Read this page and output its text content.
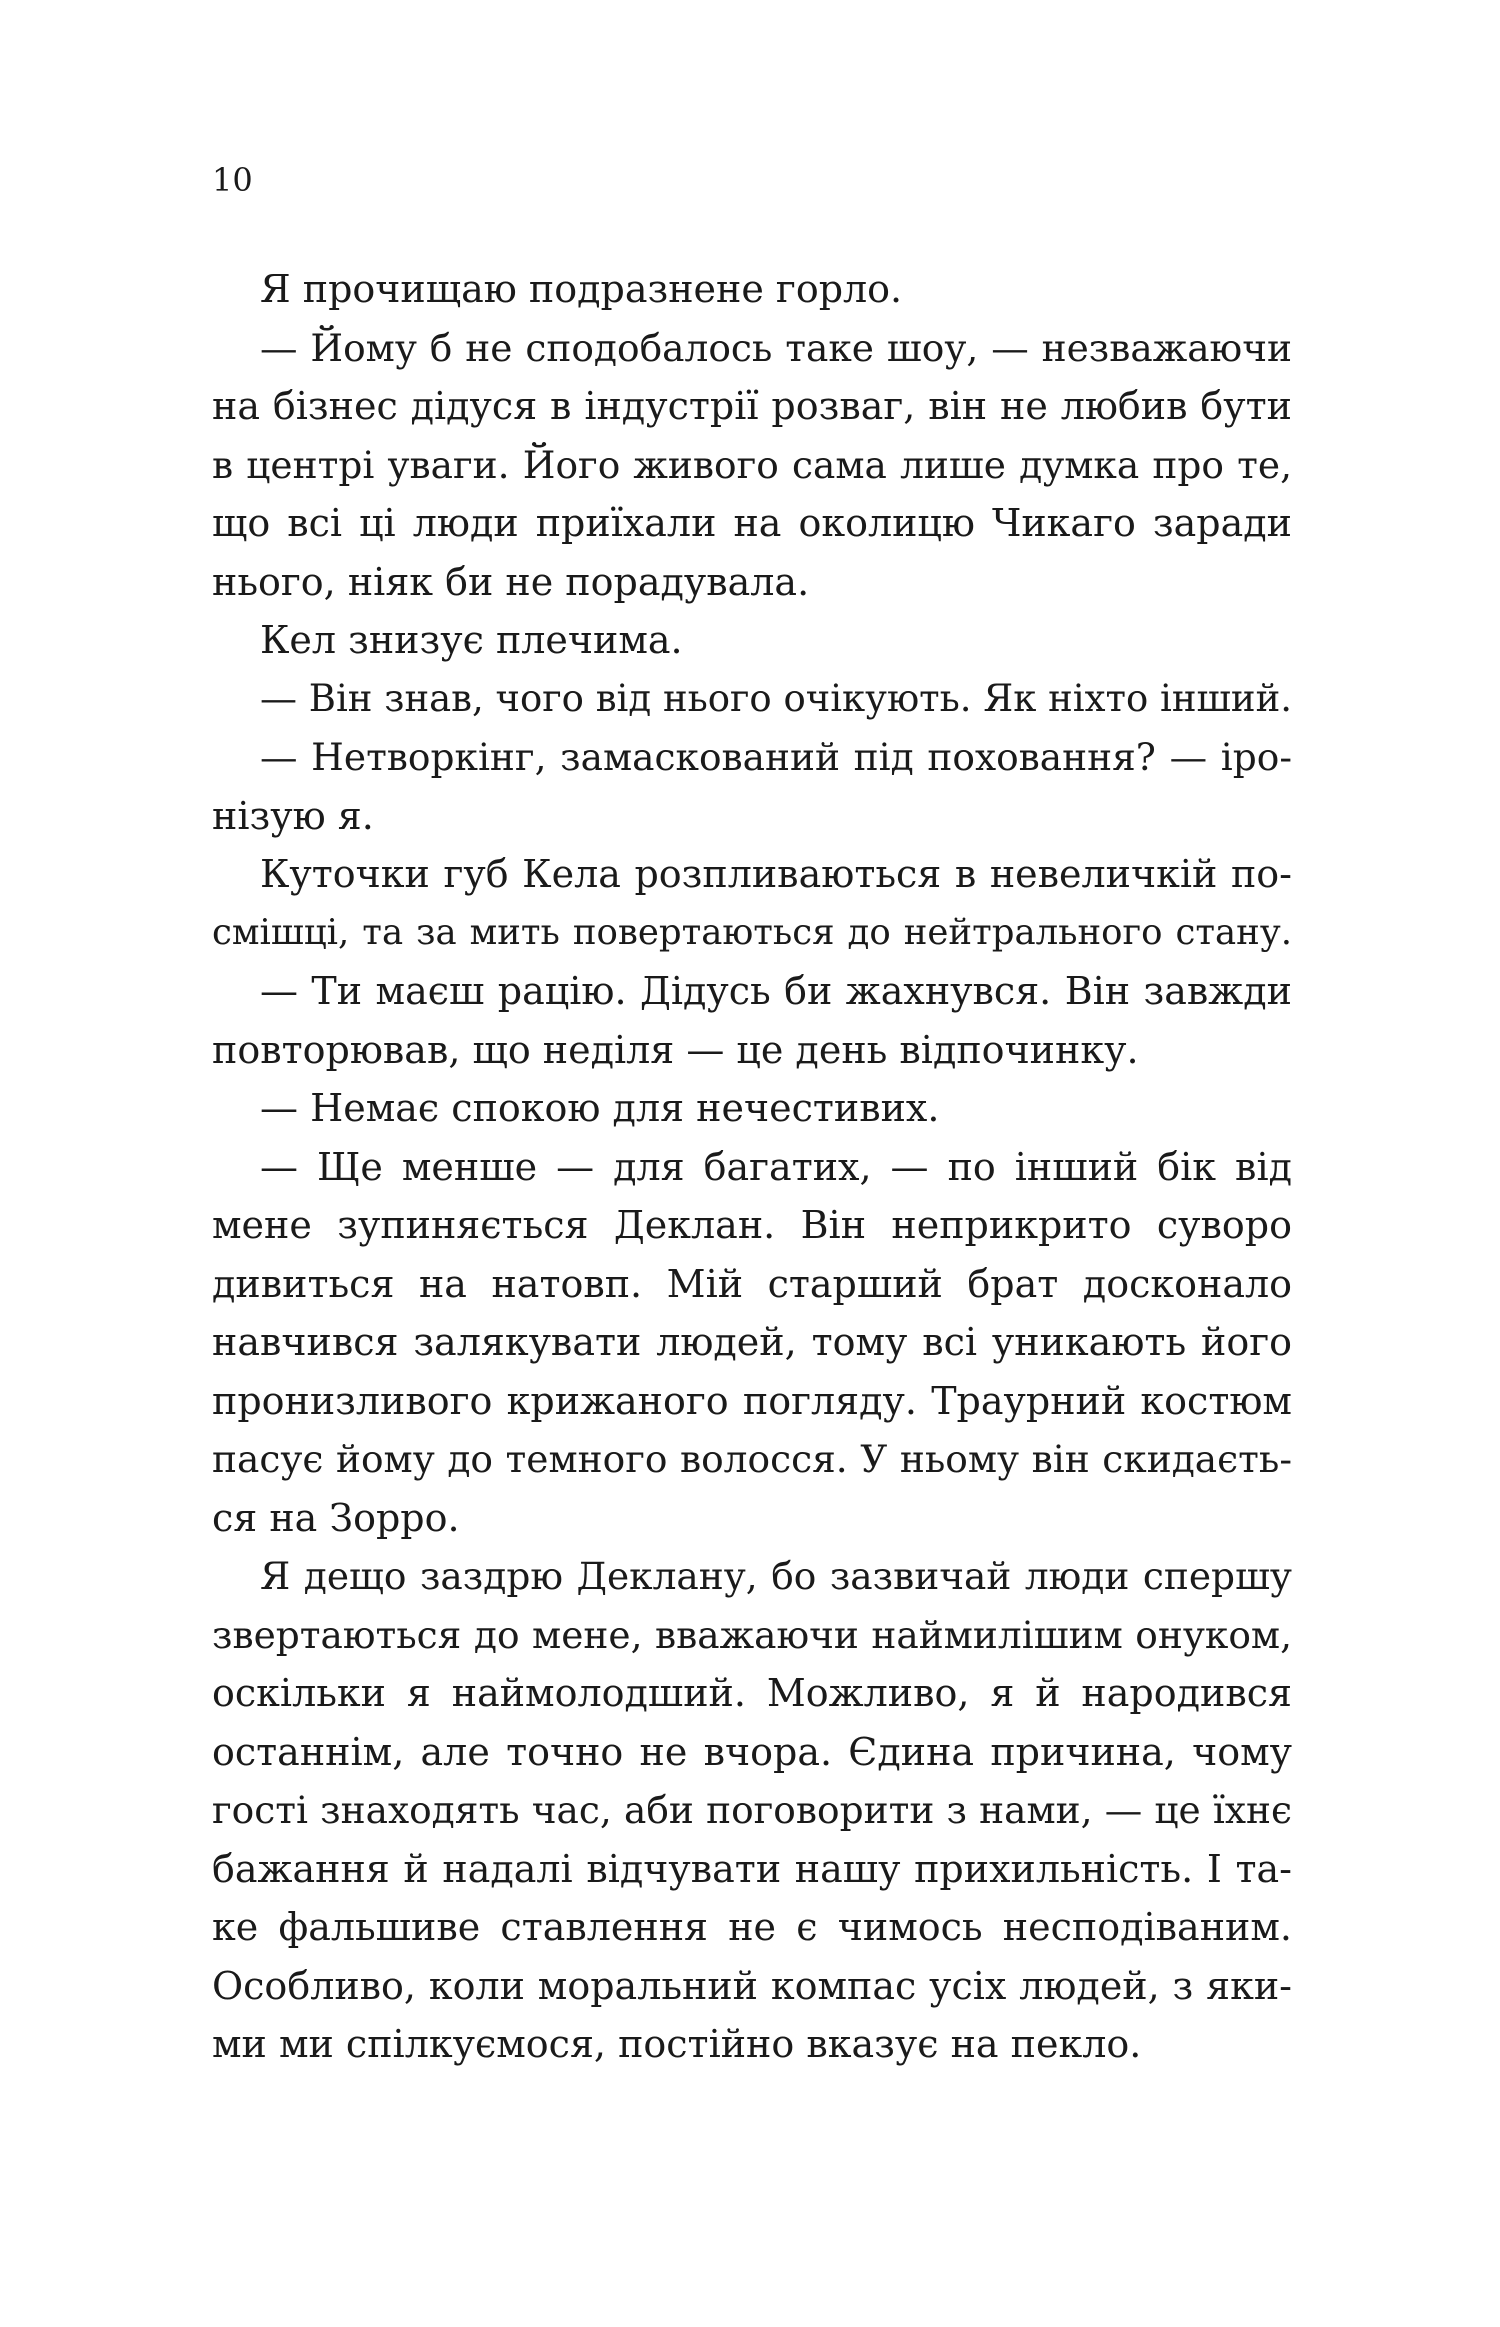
10
Я прочищаю подразнене горло.
— Йому б не сподобалось таке шоу, — незважаючи
на бізнес дідуся в індустрії розваг, він не любив бути
в центрі уваги. Його живого сама лише думка про те,
що всі ці люди приїхали на околицю Чикаго заради
нього, ніяк би не порадувала.
Кел знизує плечима.
— Він знав, чого від нього очікують. Як ніхто інший.
— Нетворкінг, замаскований під поховання? — іро-
нізую я.
Куточки губ Кела розпливаються в невеличкій по-
смішці, та за мить повертаються до нейтрального стану.
— Ти маєш рацію. Дідусь би жахнувся. Він завжди
повторював, що неділя — це день відпочинку.
— Немає спокою для нечестивих.
— Ще менше — для багатих, — по інший бік від
мене зупиняється Деклан. Він неприкрито суворо
дивиться на натовп. Мій старший брат досконало
навчився залякувати людей, тому всі уникають його
пронизливого крижаного погляду. Траурний костюм
пасує йому до темного волосся. У ньому він скидаєть-
ся на Зорро.
Я дещо заздрю Деклану, бо зазвичай люди спершу
звертаються до мене, вважаючи наймилішим онуком,
оскільки я наймолодший. Можливо, я й народився
останнім, але точно не вчора. Єдина причина, чому
гості знаходять час, аби поговорити з нами, — це їхнє
бажання й надалі відчувати нашу прихильність. І та-
ке фальшиве ставлення не є чимось несподіваним.
Особливо, коли моральний компас усіх людей, з яки-
ми ми спілкуємося, постійно вказує на пекло.
